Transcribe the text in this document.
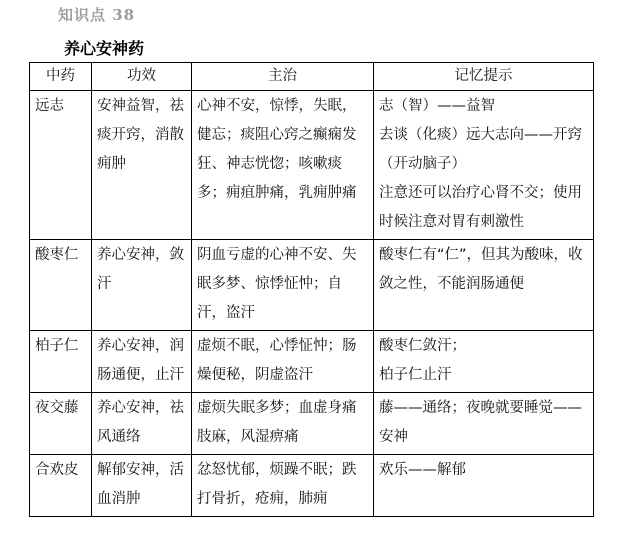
知识点 38
养心安神药
中药	功效	主治	记忆提示
远志	安神益智，祛痰开窍，消散痈肿	心神不安，惊悸，失眠，健忘；痰阻心窍之癫痫发狂、神志恍惚；咳嗽痰多；痈疽肿痛，乳痈肿痛	志（智）——益智
去谈（化痰）远大志向——开窍（开动脑子）
注意还可以治疗心肾不交；使用时候注意对胃有刺激性
酸枣仁	养心安神，敛汗	阴血亏虚的心神不安、失眠多梦、惊悸怔忡；自汗，盗汗	酸枣仁有“仁”，但其为酸味，收敛之性，不能润肠通便
柏子仁	养心安神，润肠通便，止汗	虚烦不眠，心悸怔忡；肠燥便秘，阴虚盗汗	酸枣仁敛汗；
柏子仁止汗
夜交藤	养心安神，祛风通络	虚烦失眠多梦；血虚身痛肢麻，风湿痹痛	藤——通络；夜晚就要睡觉——安神
合欢皮	解郁安神，活血消肿	忿怒忧郁，烦躁不眠；跌打骨折，疮痈，肺痈	欢乐——解郁
